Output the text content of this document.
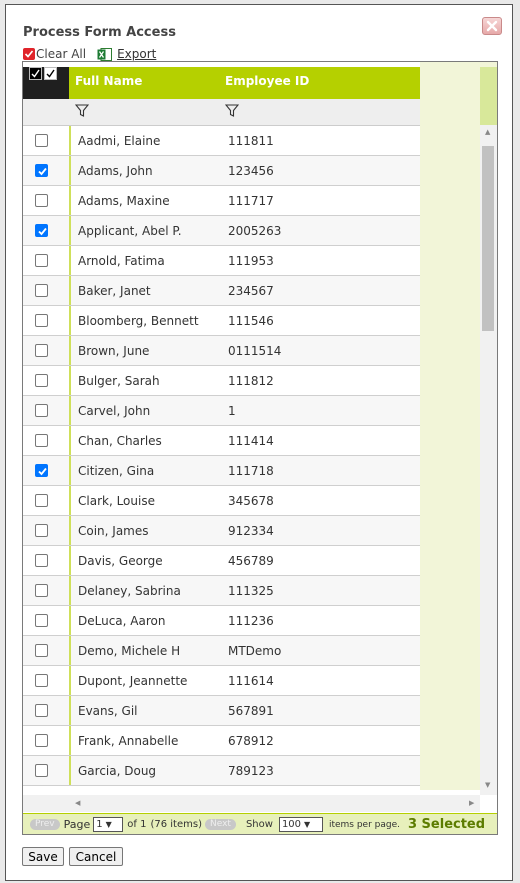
Process Form Access
Clear All	Export
Full Name	Employee ID
Aadmi, Elaine	111811
Adams, John	123456
Adams, Maxine	111717
Applicant, Abel P.	2005263
Arnold, Fatima	111953
Baker, Janet	234567
Bloomberg, Bennett 111546
Brown, June	0111514
Bulger, Sarah	111812
Carvel, John	1
Chan, Charles	111414
Citizen, Gina	111718
Clark, Louise	345678
Coin, James	912334
Davis, George	456789
Delaney, Sabrina	111325
DeLuca, Aaron	111236
Demo, Michele H	MTDemo
Dupont, Jeannette	111614
Evans, Gil	567891
Frank, Annabelle	678912
Garcia, Doug	789123
▲
▼
◀	▶
Prev Page 1 ▼ of 1 (76 items) Next	Show 100 ▼ items per page. 3 Selected
Save	Cancel
